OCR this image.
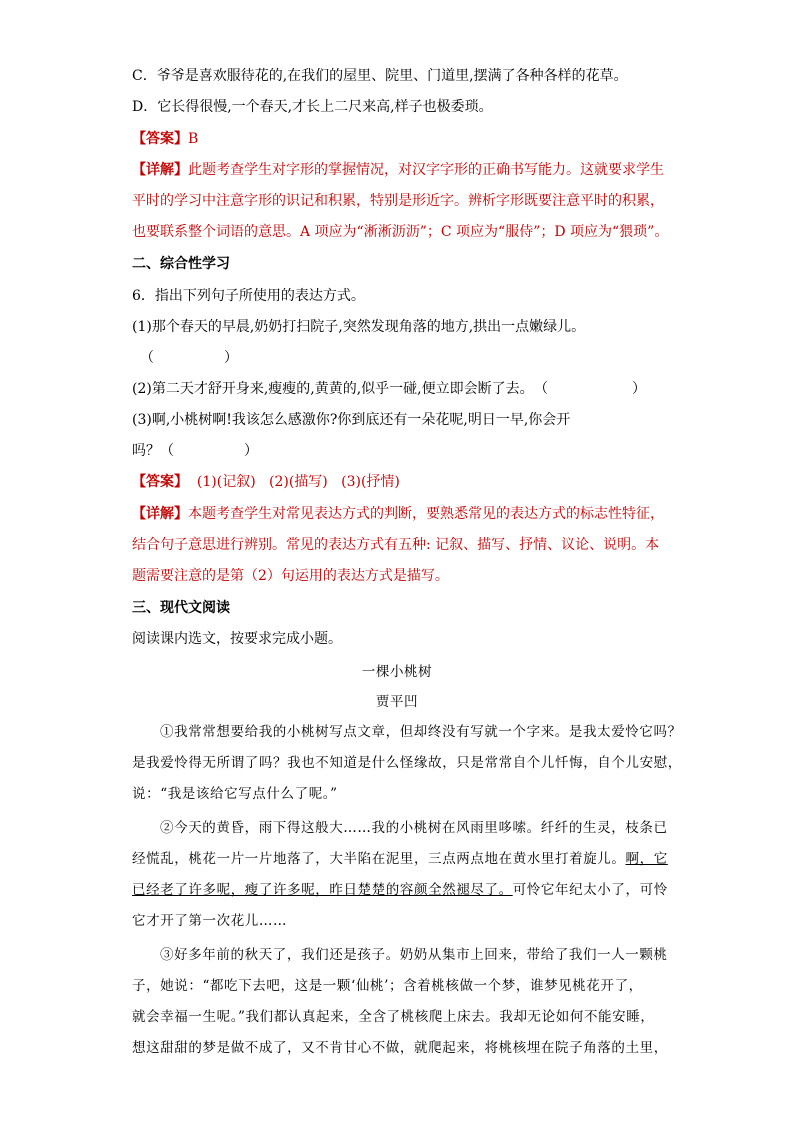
C．爷爷是喜欢服待花的,在我们的屋里、院里、门道里,摆满了各种各样的花草。
D．它长得很慢,一个春天,才长上二尺来高,样子也极委琐。
【答案】B
【详解】此题考查学生对字形的掌握情况，对汉字字形的正确书写能力。这就要求学生
平时的学习中注意字形的识记和积累，特别是形近字。辨析字形既要注意平时的积累，
也要联系整个词语的意思。A 项应为“淅淅沥沥”；C 项应为“服侍”；D 项应为“猥琐”。
二、综合性学习
6．指出下列句子所使用的表达方式。
(1)那个春天的早晨,奶奶打扫院子,突然发现角落的地方,拱出一点嫩绿儿。
（　　　　　）
(2)第二天才舒开身来,瘦瘦的,黄黄的,似乎一碰,便立即会断了去。 （　　　　　　）
(3)啊,小桃树啊!我该怎么感激你?你到底还有一朵花呢,明日一早,你会开
吗？（　　　　　）
【答案】  (1)(记叙)   (2)(描写)   (3)(抒情)
【详解】本题考查学生对常见表达方式的判断，要熟悉常见的表达方式的标志性特征，
结合句子意思进行辨别。常见的表达方式有五种: 记叙、描写、抒情、议论、说明。本
题需要注意的是第（2）句运用的表达方式是描写。
三、现代文阅读
阅读课内选文，按要求完成小题。
一棵小桃树
贾平凹
①我常常想要给我的小桃树写点文章，但却终没有写就一个字来。是我太爱怜它吗？
是我爱怜得无所谓了吗？我也不知道是什么怪缘故，只是常常自个儿忏悔，自个儿安慰，
说：“我是该给它写点什么了呢。”
②今天的黄昏，雨下得这般大……我的小桃树在风雨里哆嗦。纤纤的生灵，枝条已
经慌乱，桃花一片一片地落了，大半陷在泥里，三点两点地在黄水里打着旋儿。啊，它
已经老了许多呢，瘦了许多呢，昨日楚楚的容颜全然褪尽了。可怜它年纪太小了，可怜
它才开了第一次花儿……
③好多年前的秋天了，我们还是孩子。奶奶从集市上回来，带给了我们一人一颗桃
子，她说：“都吃下去吧，这是一颗‘仙桃’；含着桃核做一个梦，谁梦见桃花开了，
就会幸福一生呢。”我们都认真起来，全含了桃核爬上床去。我却无论如何不能安睡，
想这甜甜的梦是做不成了，又不肯甘心不做，就爬起来，将桃核埋在院子角落的土里，
